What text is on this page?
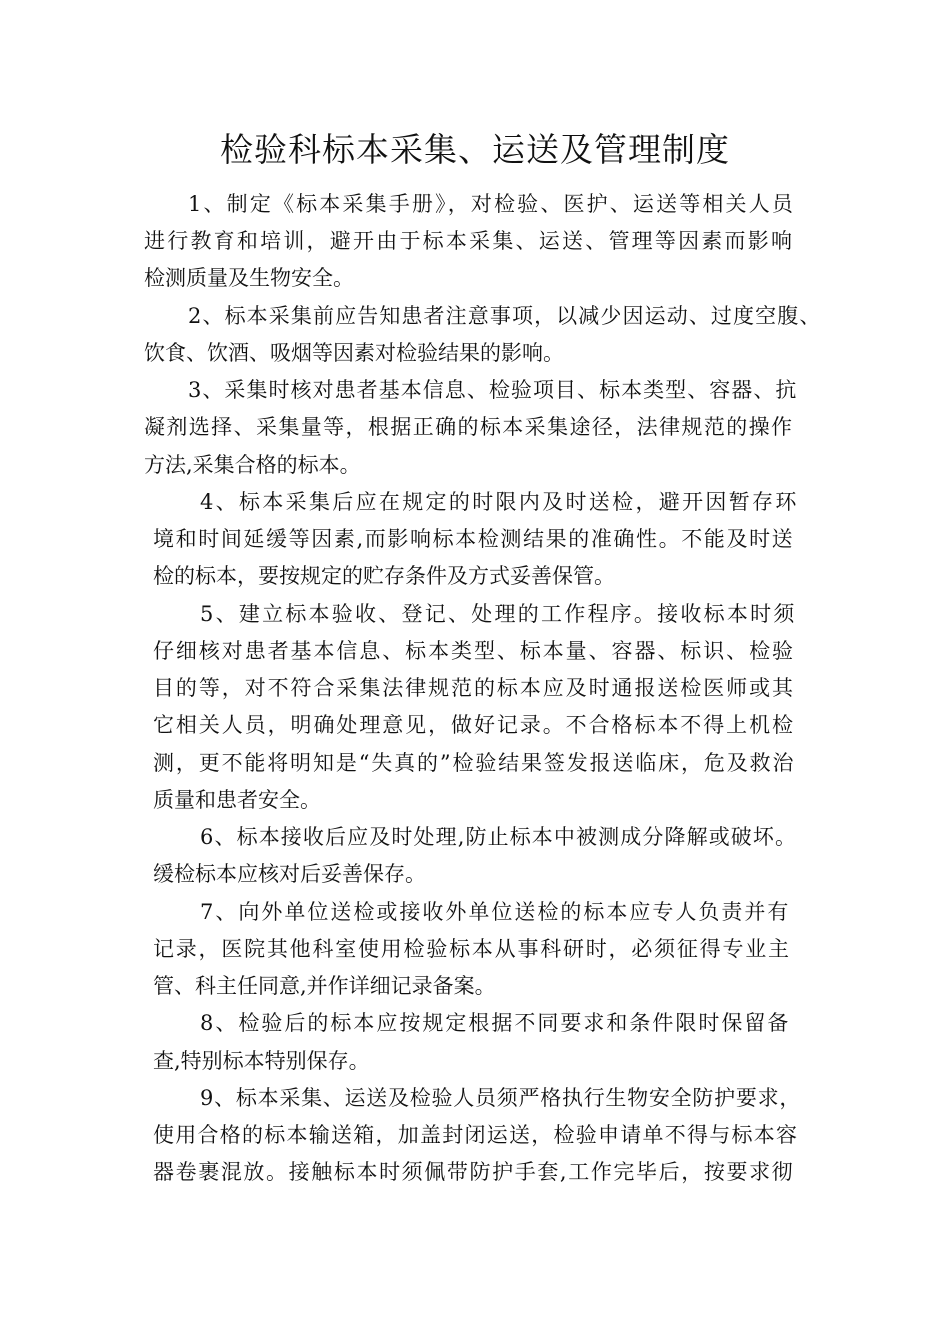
检验科标本采集、运送及管理制度

1、制定《标本采集手册》，对检验、医护、运送等相关人员

进行教育和培训，避开由于标本采集、运送、管理等因素而影响

检测质量及生物安全。

2、标本采集前应告知患者注意事项，以减少因运动、过度空腹、

饮食、饮酒、吸烟等因素对检验结果的影响。

3、采集时核对患者基本信息、检验项目、标本类型、容器、抗

凝剂选择、采集量等，根据正确的标本采集途径，法律规范的操作

方法,采集合格的标本。

4、标本采集后应在规定的时限内及时送检，避开因暂存环

境和时间延缓等因素,而影响标本检测结果的准确性。不能及时送

检的标本，要按规定的贮存条件及方式妥善保管。

5、建立标本验收、登记、处理的工作程序。接收标本时须

仔细核对患者基本信息、标本类型、标本量、容器、标识、检验

目的等，对不符合采集法律规范的标本应及时通报送检医师或其

它相关人员，明确处理意见，做好记录。不合格标本不得上机检

测，更不能将明知是“失真的”检验结果签发报送临床，危及救治

质量和患者安全。

6、标本接收后应及时处理,防止标本中被测成分降解或破坏。

缓检标本应核对后妥善保存。

7、向外单位送检或接收外单位送检的标本应专人负责并有

记录，医院其他科室使用检验标本从事科研时，必须征得专业主

管、科主任同意,并作详细记录备案。

8、检验后的标本应按规定根据不同要求和条件限时保留备

查,特别标本特别保存。

9、标本采集、运送及检验人员须严格执行生物安全防护要求，

使用合格的标本输送箱，加盖封闭运送，检验申请单不得与标本容

器卷裹混放。接触标本时须佩带防护手套,工作完毕后，按要求彻
